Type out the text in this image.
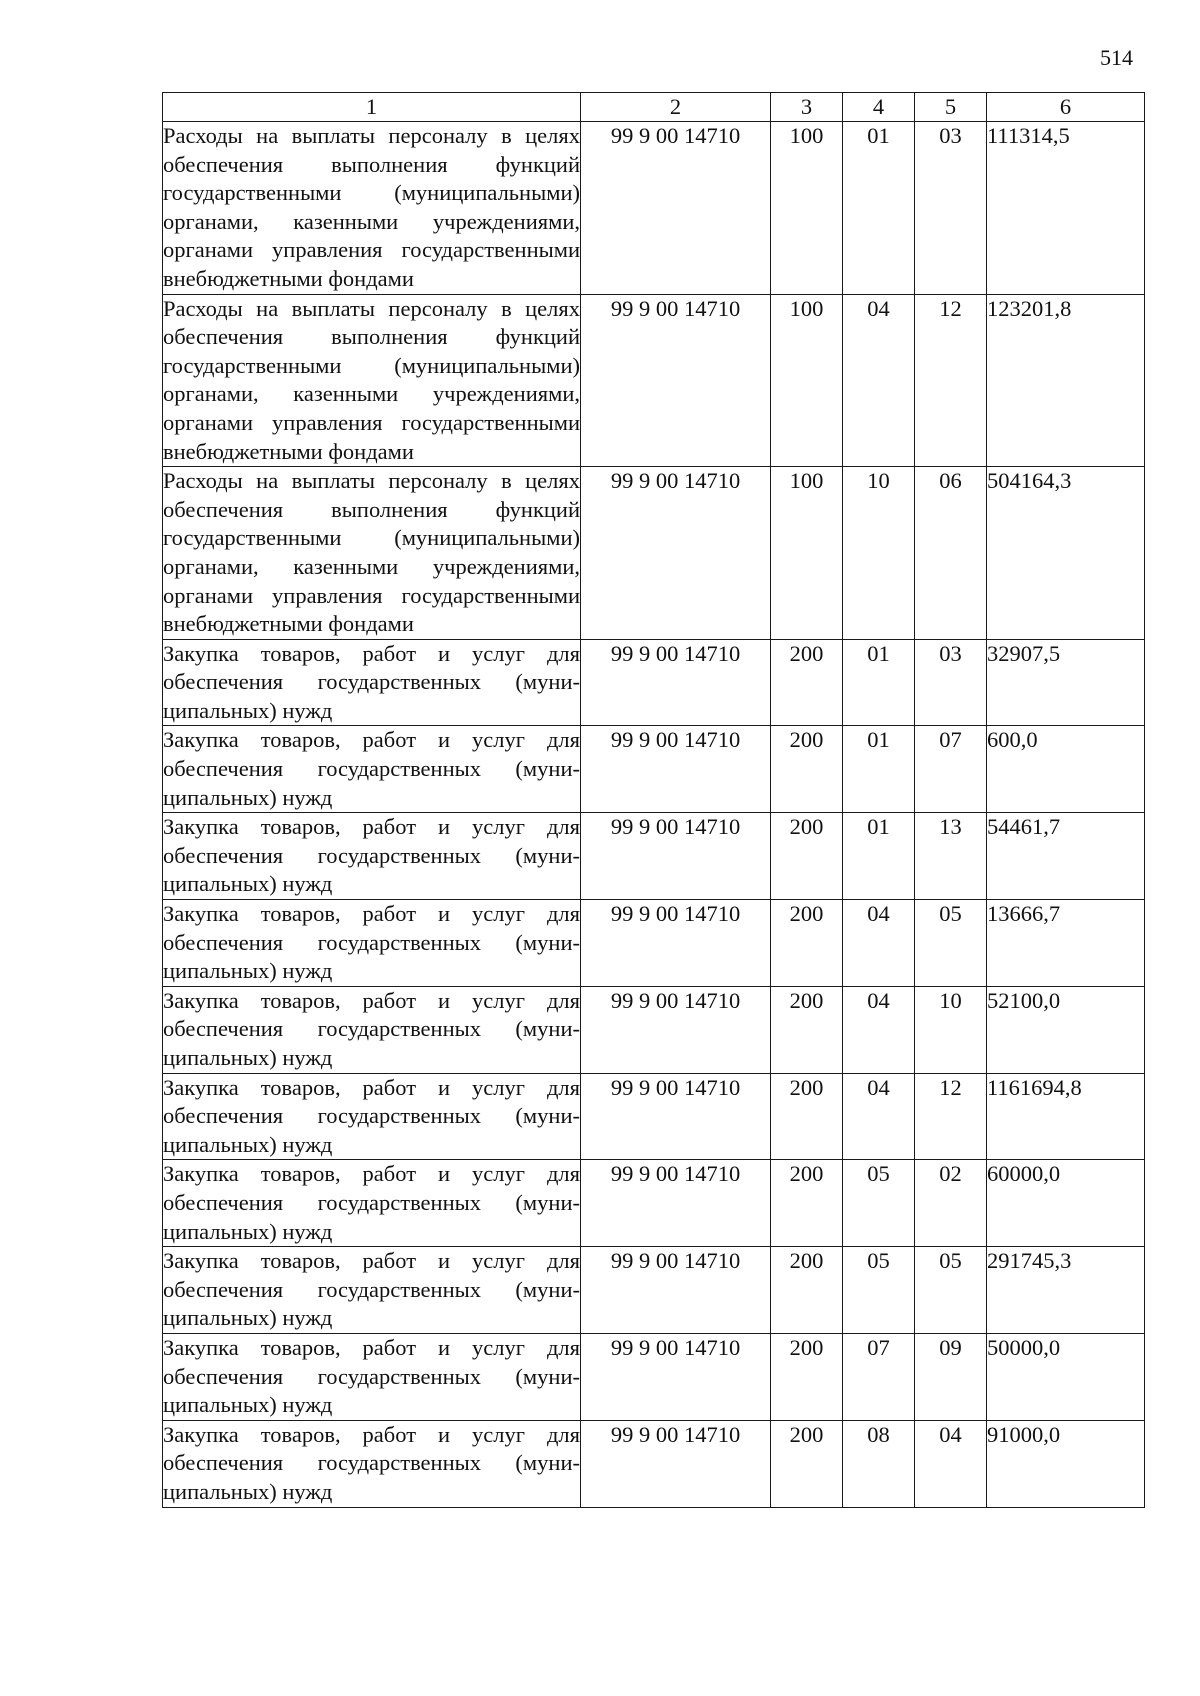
514
1	2	3	4	5	6
Расходы на выплаты персоналу в целях обеспечения выполнения функций государственными (муниципальными) органами, казенными учреждениями, органами управления государственными внебюджетными фондами	99 9 00 14710	100	01	03	111314,5
Расходы на выплаты персоналу в целях обеспечения выполнения функций государственными (муниципальными) органами, казенными учреждениями, органами управления государственными внебюджетными фондами	99 9 00 14710	100	04	12	123201,8
Расходы на выплаты персоналу в целях обеспечения выполнения функций государственными (муниципальными) органами, казенными учреждениями, органами управления государственными внебюджетными фондами	99 9 00 14710	100	10	06	504164,3
Закупка товаров, работ и услуг для обеспечения государственных (муниципальных) нужд	99 9 00 14710	200	01	03	32907,5
Закупка товаров, работ и услуг для обеспечения государственных (муниципальных) нужд	99 9 00 14710	200	01	07	600,0
Закупка товаров, работ и услуг для обеспечения государственных (муниципальных) нужд	99 9 00 14710	200	01	13	54461,7
Закупка товаров, работ и услуг для обеспечения государственных (муниципальных) нужд	99 9 00 14710	200	04	05	13666,7
Закупка товаров, работ и услуг для обеспечения государственных (муниципальных) нужд	99 9 00 14710	200	04	10	52100,0
Закупка товаров, работ и услуг для обеспечения государственных (муниципальных) нужд	99 9 00 14710	200	04	12	1161694,8
Закупка товаров, работ и услуг для обеспечения государственных (муниципальных) нужд	99 9 00 14710	200	05	02	60000,0
Закупка товаров, работ и услуг для обеспечения государственных (муниципальных) нужд	99 9 00 14710	200	05	05	291745,3
Закупка товаров, работ и услуг для обеспечения государственных (муниципальных) нужд	99 9 00 14710	200	07	09	50000,0
Закупка товаров, работ и услуг для обеспечения государственных (муниципальных) нужд	99 9 00 14710	200	08	04	91000,0
